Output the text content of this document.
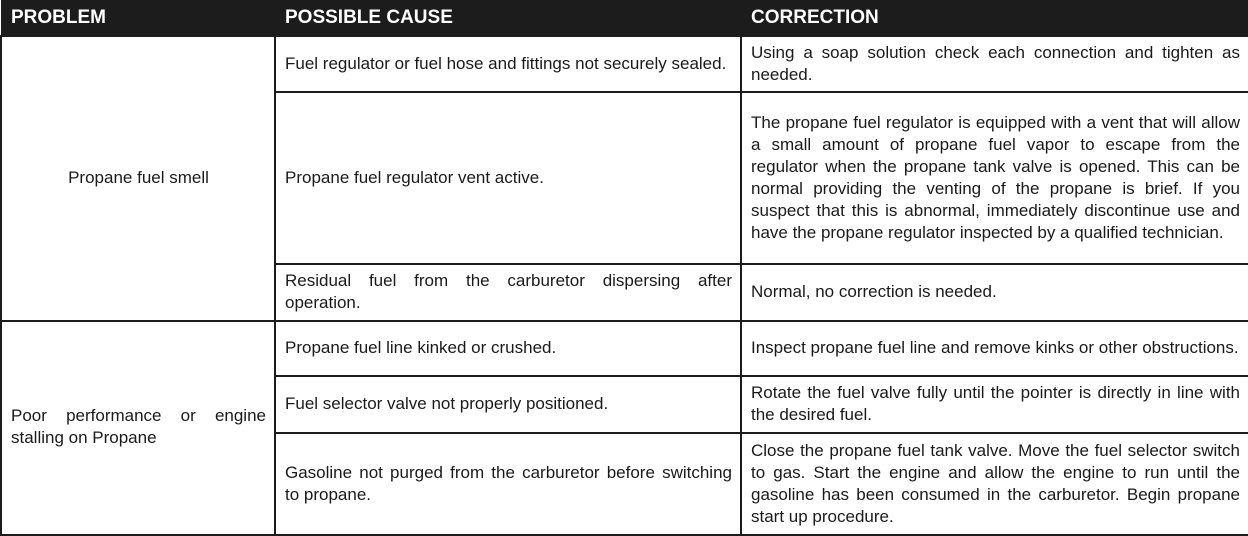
PROBLEM	POSSIBLE CAUSE	CORRECTION
Propane fuel smell	Fuel regulator or fuel hose and fittings not securely sealed.	Using a soap solution check each connection and tighten as needed.
	Propane fuel regulator vent active.	The propane fuel regulator is equipped with a vent that will allow a small amount of propane fuel vapor to escape from the regulator when the propane tank valve is opened. This can be normal providing the venting of the propane is brief. If you suspect that this is abnormal, immediately discontinue use and have the propane regulator inspected by a qualified technician.
	Residual fuel from the carburetor dispersing after operation.	Normal, no correction is needed.
Poor performance or engine stalling on Propane	Propane fuel line kinked or crushed.	Inspect propane fuel line and remove kinks or other obstructions.
	Fuel selector valve not properly positioned.	Rotate the fuel valve fully until the pointer is directly in line with the desired fuel.
	Gasoline not purged from the carburetor before switching to propane.	Close the propane fuel tank valve. Move the fuel selector switch to gas. Start the engine and allow the engine to run until the gasoline has been consumed in the carburetor. Begin propane start up procedure.
